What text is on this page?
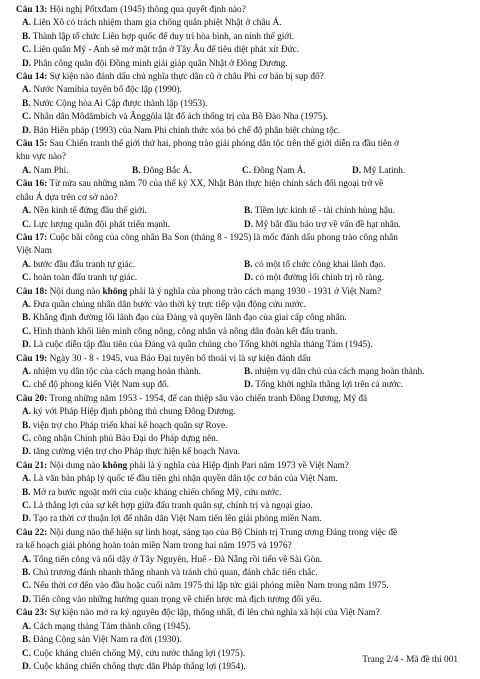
Câu 13: Hội nghị Pốtxđam (1945) thông qua quyết định nào?
A. Liên Xô có trách nhiệm tham gia chống quân phiệt Nhật ở châu Á.
B. Thành lập tổ chức Liên hợp quốc để duy trì hòa bình, an ninh thế giới.
C. Liên quân Mỹ - Anh sẽ mở mặt trận ở Tây Âu để tiêu diệt phát xít Đức.
D. Phân công quân đội Đồng minh giải giáp quân Nhật ở Đông Dương.
Câu 14: Sự kiện nào đánh dấu chủ nghĩa thực dân cũ ở châu Phi cơ bản bị sụp đổ?
A. Nước Namibia tuyên bố độc lập (1990).
B. Nước Cộng hòa Ai Cập được thành lập (1953).
C. Nhân dân Môdămbích và Ănggôla lật đổ ách thống trị của Bồ Đào Nha (1975).
D. Bản Hiến pháp (1993) của Nam Phi chính thức xóa bỏ chế độ phân biệt chủng tộc.
Câu 15: Sau Chiến tranh thế giới thứ hai, phong trào giải phóng dân tộc trên thế giới diễn ra đầu tiên ở
khu vực nào?
A. Nam Phi.	B. Đông Bắc Á.	C. Đông Nam Á.	D. Mỹ Latinh.
Câu 16: Từ nửa sau những năm 70 của thế kỷ XX, Nhật Bản thực hiện chính sách đối ngoại trở về
châu Á dựa trên cơ sở nào?
A. Nền kinh tế đứng đầu thế giới.	B. Tiềm lực kinh tế - tài chính hùng hậu.
C. Lực lượng quân đội phát triển mạnh.	D. Mỹ bắt đầu bảo trợ về vấn đề hạt nhân.
Câu 17: Cuộc bãi công của công nhân Ba Son (tháng 8 - 1925) là mốc đánh dấu phong trào công nhân
Việt Nam
A. bước đầu đấu tranh tự giác.	B. có một tổ chức công khai lãnh đạo.
C. hoàn toàn đấu tranh tự giác.	D. có một đường lối chính trị rõ ràng.
Câu 18: Nội dung nào không phải là ý nghĩa của phong trào cách mạng 1930 - 1931 ở Việt Nam?
A. Đưa quần chúng nhân dân bước vào thời kỳ trực tiếp vận động cứu nước.
B. Khẳng định đường lối lãnh đạo của Đảng và quyền lãnh đạo của giai cấp công nhân.
C. Hình thành khối liên minh công nông, công nhân và nông dân đoàn kết đấu tranh.
D. Là cuộc diễn tập đầu tiên của Đảng và quần chúng cho Tổng khởi nghĩa tháng Tám (1945).
Câu 19: Ngày 30 - 8 - 1945, vua Bảo Đại tuyên bố thoái vị là sự kiện đánh dấu
A. nhiệm vụ dân tộc của cách mạng hoàn thành.	B. nhiệm vụ dân chủ của cách mạng hoàn thành.
C. chế độ phong kiến Việt Nam sụp đổ.	D. Tổng khởi nghĩa thắng lợi trên cả nước.
Câu 20: Trong những năm 1953 - 1954, để can thiệp sâu vào chiến tranh Đông Dương, Mỹ đã
A. ký với Pháp Hiệp định phòng thủ chung Đông Dương.
B. viện trợ cho Pháp triển khai kế hoạch quân sự Rove.
C. công nhận Chính phủ Bảo Đại do Pháp dựng nên.
D. tăng cường viện trợ cho Pháp thực hiện kế hoạch Nava.
Câu 21: Nội dung nào không phải là ý nghĩa của Hiệp định Pari năm 1973 về Việt Nam?
A. Là văn bản pháp lý quốc tế đầu tiên ghi nhận quyền dân tộc cơ bản của Việt Nam.
B. Mở ra bước ngoặt mới của cuộc kháng chiến chống Mỹ, cứu nước.
C. Là thắng lợi của sự kết hợp giữa đấu tranh quân sự, chính trị và ngoại giao.
D. Tạo ra thời cơ thuận lợi để nhân dân Việt Nam tiến lên giải phóng miền Nam.
Câu 22: Nội dung nào thể hiện sự linh hoạt, sáng tạo của Bộ Chính trị Trung ương Đảng trong việc đề
ra kế hoạch giải phóng hoàn toàn miền Nam trong hai năm 1975 và 1976?
A. Tổng tiến công và nổi dậy ở Tây Nguyên, Huế - Đà Nẵng rồi tiến về Sài Gòn.
B. Chủ trương đánh nhanh thắng nhanh và tránh chủ quan, đánh chắc tiến chắc.
C. Nếu thời cơ đến vào đầu hoặc cuối năm 1975 thì lập tức giải phóng miền Nam trong năm 1975.
D. Tiến công vào những hướng quan trọng về chiến lược mà địch tương đối yếu.
Câu 23: Sự kiện nào mở ra kỷ nguyên độc lập, thống nhất, đi lên chủ nghĩa xã hội của Việt Nam?
A. Cách mạng tháng Tám thành công (1945).
B. Đảng Cộng sản Việt Nam ra đời (1930).
C. Cuộc kháng chiến chống Mỹ, cứu nước thắng lợi (1975).
D. Cuộc kháng chiến chống thực dân Pháp thắng lợi (1954).
Trang 2/4 - Mã đề thi 001
